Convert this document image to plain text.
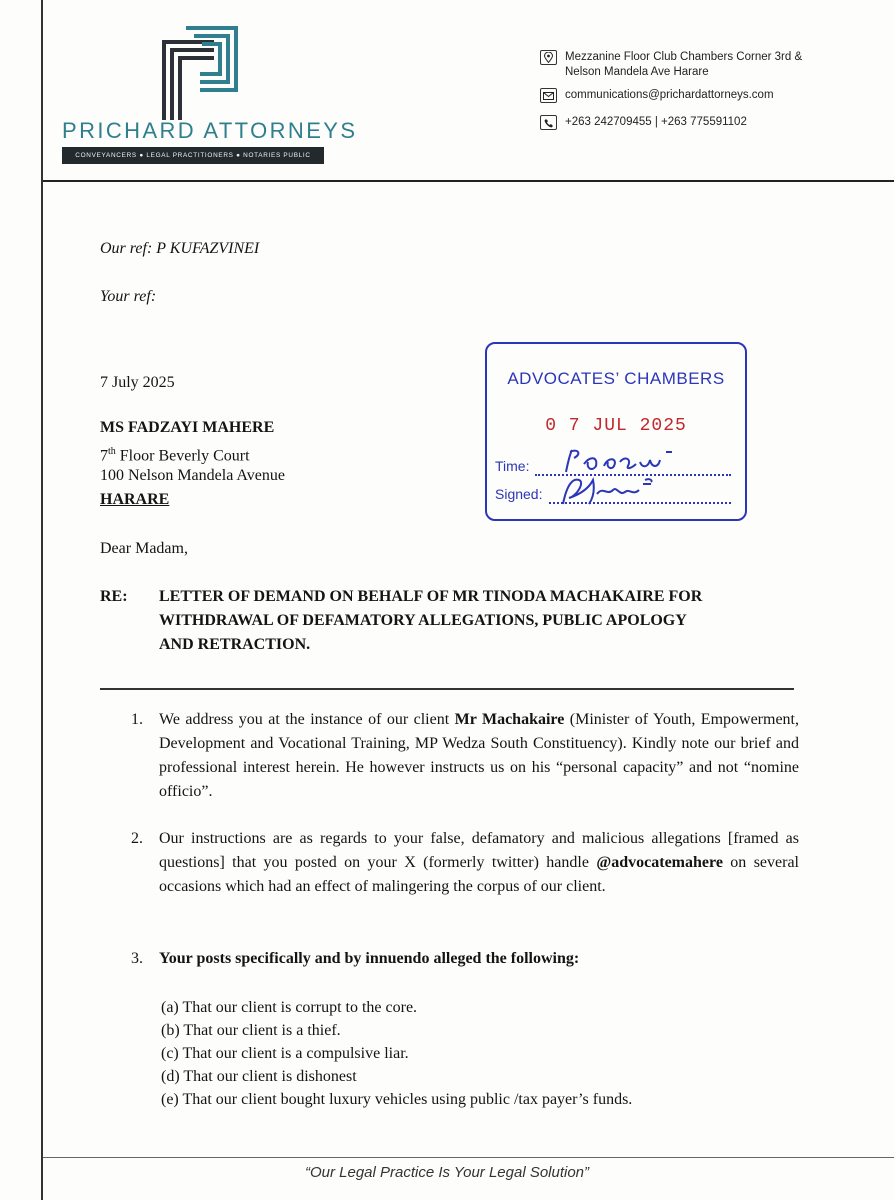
PRICHARD ATTORNEYS
CONVEYANCERS ● LEGAL PRACTITIONERS ● NOTARIES PUBLIC
Mezzanine Floor Club Chambers Corner 3rd &
Nelson Mandela Ave Harare
communications@prichardattorneys.com
+263 242709455 | +263 775591102
Our ref: P KUFAZVINEI
Your ref:
7 July 2025
MS FADZAYI MAHERE
7th Floor Beverly Court
100 Nelson Mandela Avenue
HARARE
ADVOCATES’ CHAMBERS
0 7 JUL 2025
Time:
Signed:
Dear Madam,
RE: LETTER OF DEMAND ON BEHALF OF MR TINODA MACHAKAIRE FOR
WITHDRAWAL OF DEFAMATORY ALLEGATIONS, PUBLIC APOLOGY
AND RETRACTION.
1. We address you at the instance of our client Mr Machakaire (Minister of Youth, Empowerment, Development and Vocational Training, MP Wedza South Constituency). Kindly note our brief and professional interest herein. He however instructs us on his “personal capacity” and not “nomine officio”.
2. Our instructions are as regards to your false, defamatory and malicious allegations [framed as questions] that you posted on your X (formerly twitter) handle @advocatemahere on several occasions which had an effect of malingering the corpus of our client.
3. Your posts specifically and by innuendo alleged the following:
(a) That our client is corrupt to the core.
(b) That our client is a thief.
(c) That our client is a compulsive liar.
(d) That our client is dishonest
(e) That our client bought luxury vehicles using public /tax payer’s funds.
“Our Legal Practice Is Your Legal Solution”
